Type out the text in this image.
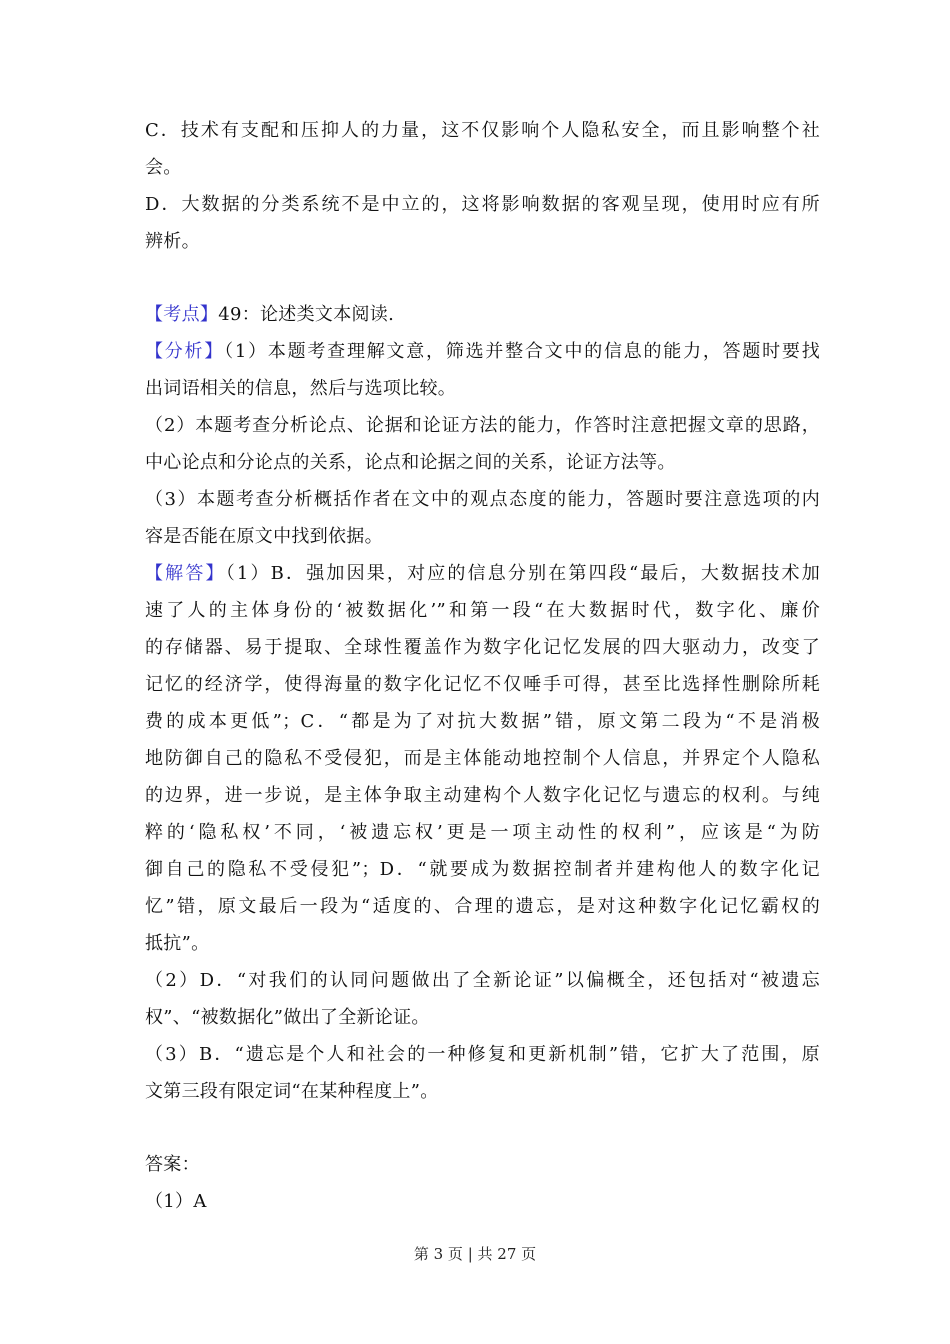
C．技术有支配和压抑人的力量，这不仅影响个人隐私安全，而且影响整个社
会。
D．大数据的分类系统不是中立的，这将影响数据的客观呈现，使用时应有所
辨析。
【考点】49：论述类文本阅读.
【分析】（1）本题考查理解文意，筛选并整合文中的信息的能力，答题时要找
出词语相关的信息，然后与选项比较。
（2）本题考查分析论点、论据和论证方法的能力，作答时注意把握文章的思路，
中心论点和分论点的关系，论点和论据之间的关系，论证方法等。
（3）本题考查分析概括作者在文中的观点态度的能力，答题时要注意选项的内
容是否能在原文中找到依据。
【解答】（1）B．强加因果，对应的信息分别在第四段“最后，大数据技术加
速了人的主体身份的‘被数据化’”和第一段“在大数据时代，数字化、廉价
的存储器、易于提取、全球性覆盖作为数字化记忆发展的四大驱动力，改变了
记忆的经济学，使得海量的数字化记忆不仅唾手可得，甚至比选择性删除所耗
费的成本更低”；C．“都是为了对抗大数据”错，原文第二段为“不是消极
地防御自己的隐私不受侵犯，而是主体能动地控制个人信息，并界定个人隐私
的边界，进一步说，是主体争取主动建构个人数字化记忆与遗忘的权利。与纯
粹的‘隐私权’不同，‘被遗忘权’更是一项主动性的权利”，应该是“为防
御自己的隐私不受侵犯”；D．“就要成为数据控制者并建构他人的数字化记
忆”错，原文最后一段为“适度的、合理的遗忘，是对这种数字化记忆霸权的
抵抗”。
（2）D．“对我们的认同问题做出了全新论证”以偏概全，还包括对“被遗忘
权”、“被数据化”做出了全新论证。
（3）B．“遗忘是个人和社会的一种修复和更新机制”错，它扩大了范围，原
文第三段有限定词“在某种程度上”。
答案：
（1）A
第 3 页 | 共 27 页
